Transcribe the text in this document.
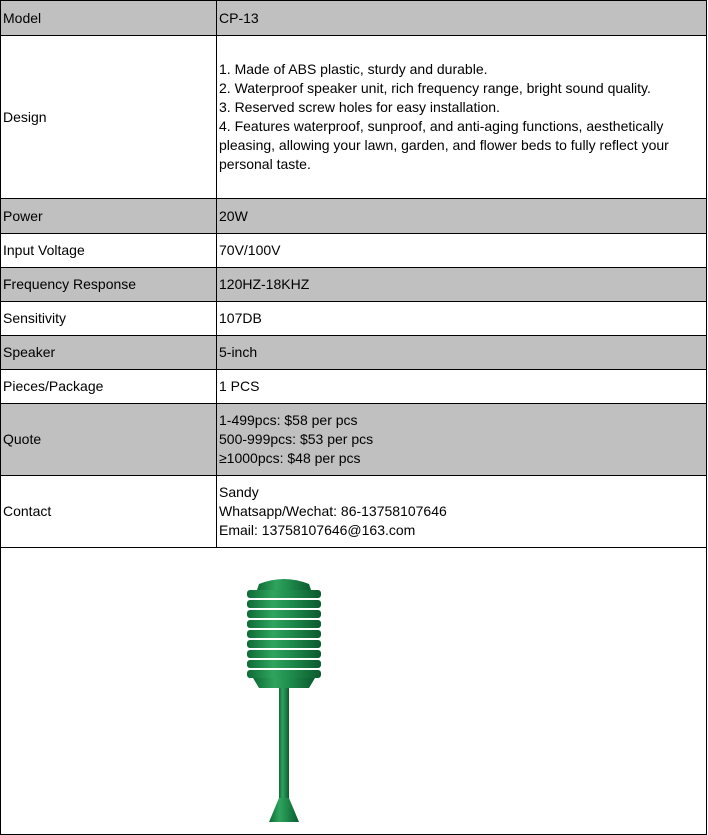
Model	CP-13

Design	1. Made of ABS plastic, sturdy and durable.
2. Waterproof speaker unit, rich frequency range, bright sound quality.
3. Reserved screw holes for easy installation.
4. Features waterproof, sunproof, and anti-aging functions, aesthetically pleasing, allowing your lawn, garden, and flower beds to fully reflect your personal taste.

Power	20W

Input Voltage	70V/100V

Frequency Response	120HZ-18KHZ

Sensitivity	107DB

Speaker	5-inch

Pieces/Package	1 PCS

Quote	1-499pcs: $58 per pcs
500-999pcs: $53 per pcs
≥1000pcs: $48 per pcs

Contact	Sandy
Whatsapp/Wechat: 86-13758107646
Email: 13758107646@163.com
